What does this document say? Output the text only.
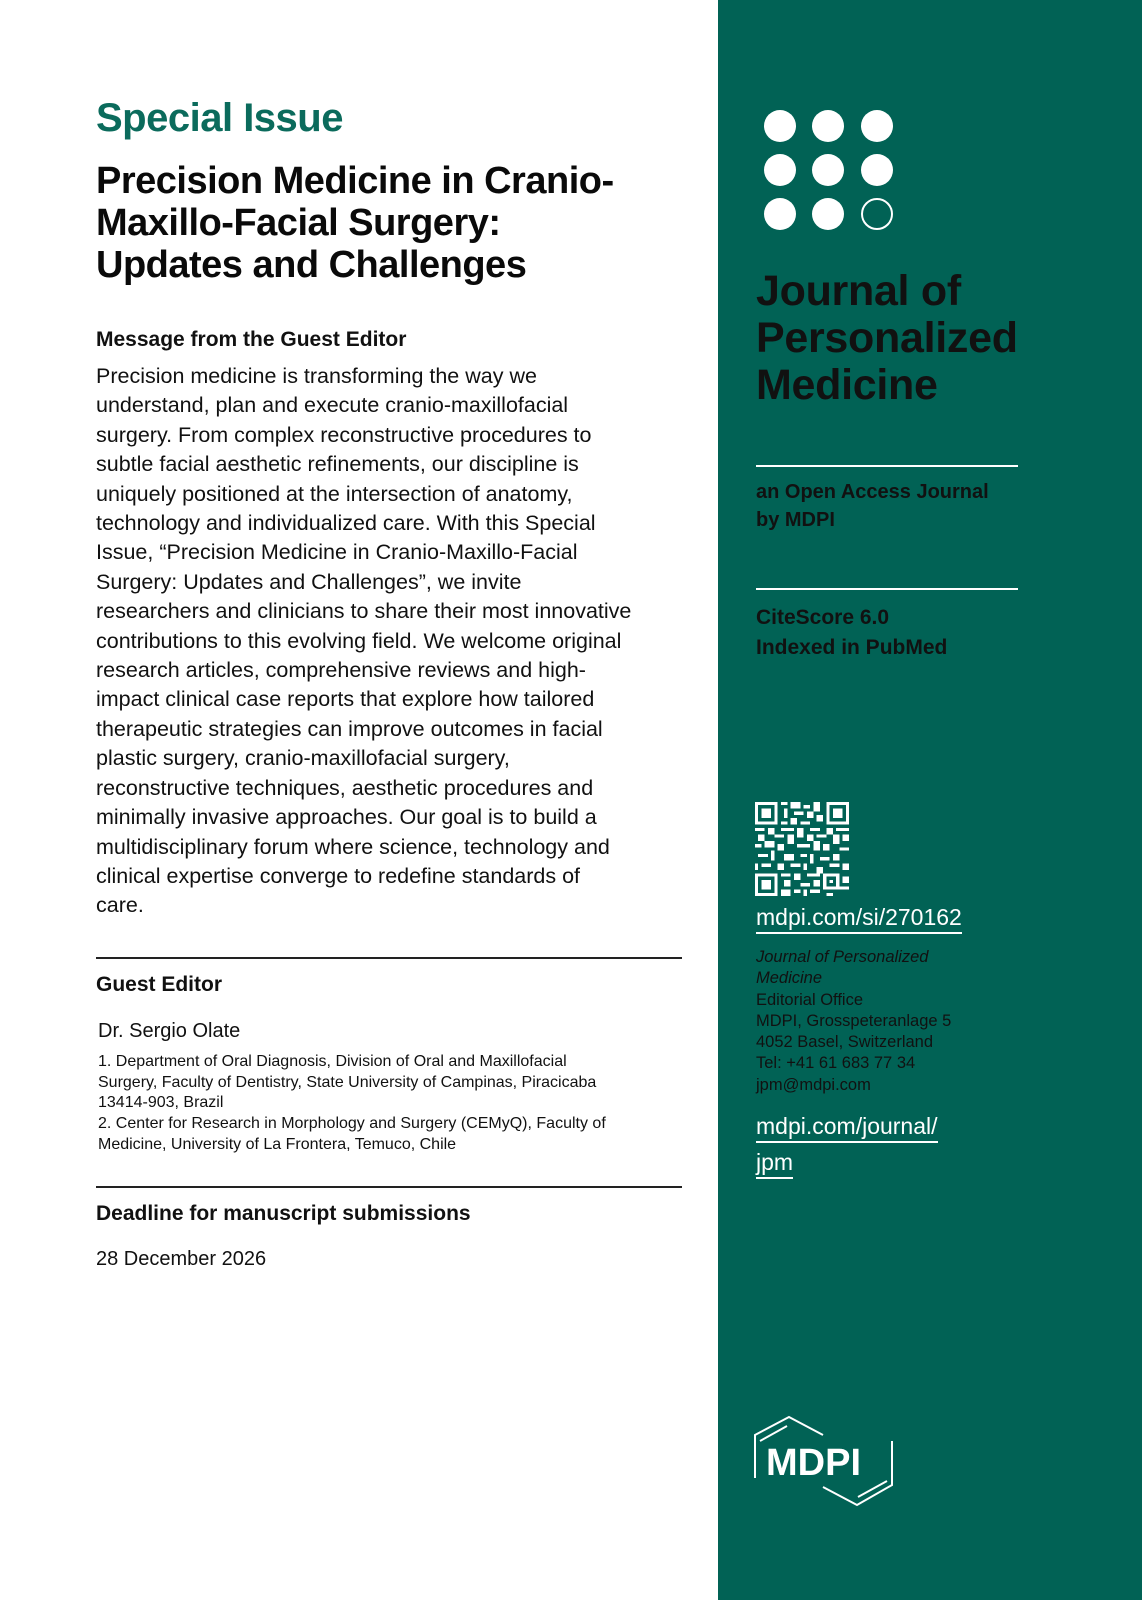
Special Issue
Precision Medicine in Cranio-
Maxillo-Facial Surgery:
Updates and Challenges
Message from the Guest Editor
Precision medicine is transforming the way we
understand, plan and execute cranio-maxillofacial
surgery. From complex reconstructive procedures to
subtle facial aesthetic refinements, our discipline is
uniquely positioned at the intersection of anatomy,
technology and individualized care. With this Special
Issue, “Precision Medicine in Cranio-Maxillo-Facial
Surgery: Updates and Challenges”, we invite
researchers and clinicians to share their most innovative
contributions to this evolving field. We welcome original
research articles, comprehensive reviews and high-
impact clinical case reports that explore how tailored
therapeutic strategies can improve outcomes in facial
plastic surgery, cranio-maxillofacial surgery,
reconstructive techniques, aesthetic procedures and
minimally invasive approaches. Our goal is to build a
multidisciplinary forum where science, technology and
clinical expertise converge to redefine standards of
care.
Guest Editor
Dr. Sergio Olate
1. Department of Oral Diagnosis, Division of Oral and Maxillofacial
Surgery, Faculty of Dentistry, State University of Campinas, Piracicaba
13414-903, Brazil
2. Center for Research in Morphology and Surgery (CEMyQ), Faculty of
Medicine, University of La Frontera, Temuco, Chile
Deadline for manuscript submissions
28 December 2026
Journal of
Personalized
Medicine
an Open Access Journal
by MDPI
CiteScore 6.0
Indexed in PubMed
mdpi.com/si/270162
Journal of Personalized
Medicine
Editorial Office
MDPI, Grosspeteranlage 5
4052 Basel, Switzerland
Tel: +41 61 683 77 34
jpm@mdpi.com
mdpi.com/journal/
jpm
MDPI
